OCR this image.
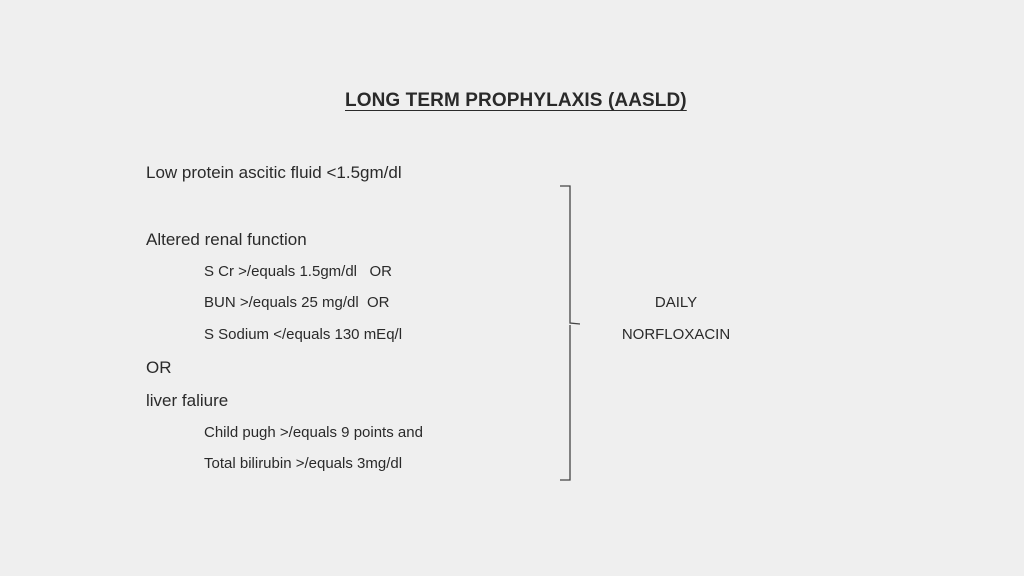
LONG TERM PROPHYLAXIS (AASLD)
Low protein ascitic fluid <1.5gm/dl
Altered renal function
S Cr >/equals 1.5gm/dl   OR
BUN >/equals 25 mg/dl  OR
S Sodium </equals 130 mEq/l
OR
liver faliure
Child pugh >/equals 9 points and
Total bilirubin >/equals 3mg/dl
DAILY
NORFLOXACIN
